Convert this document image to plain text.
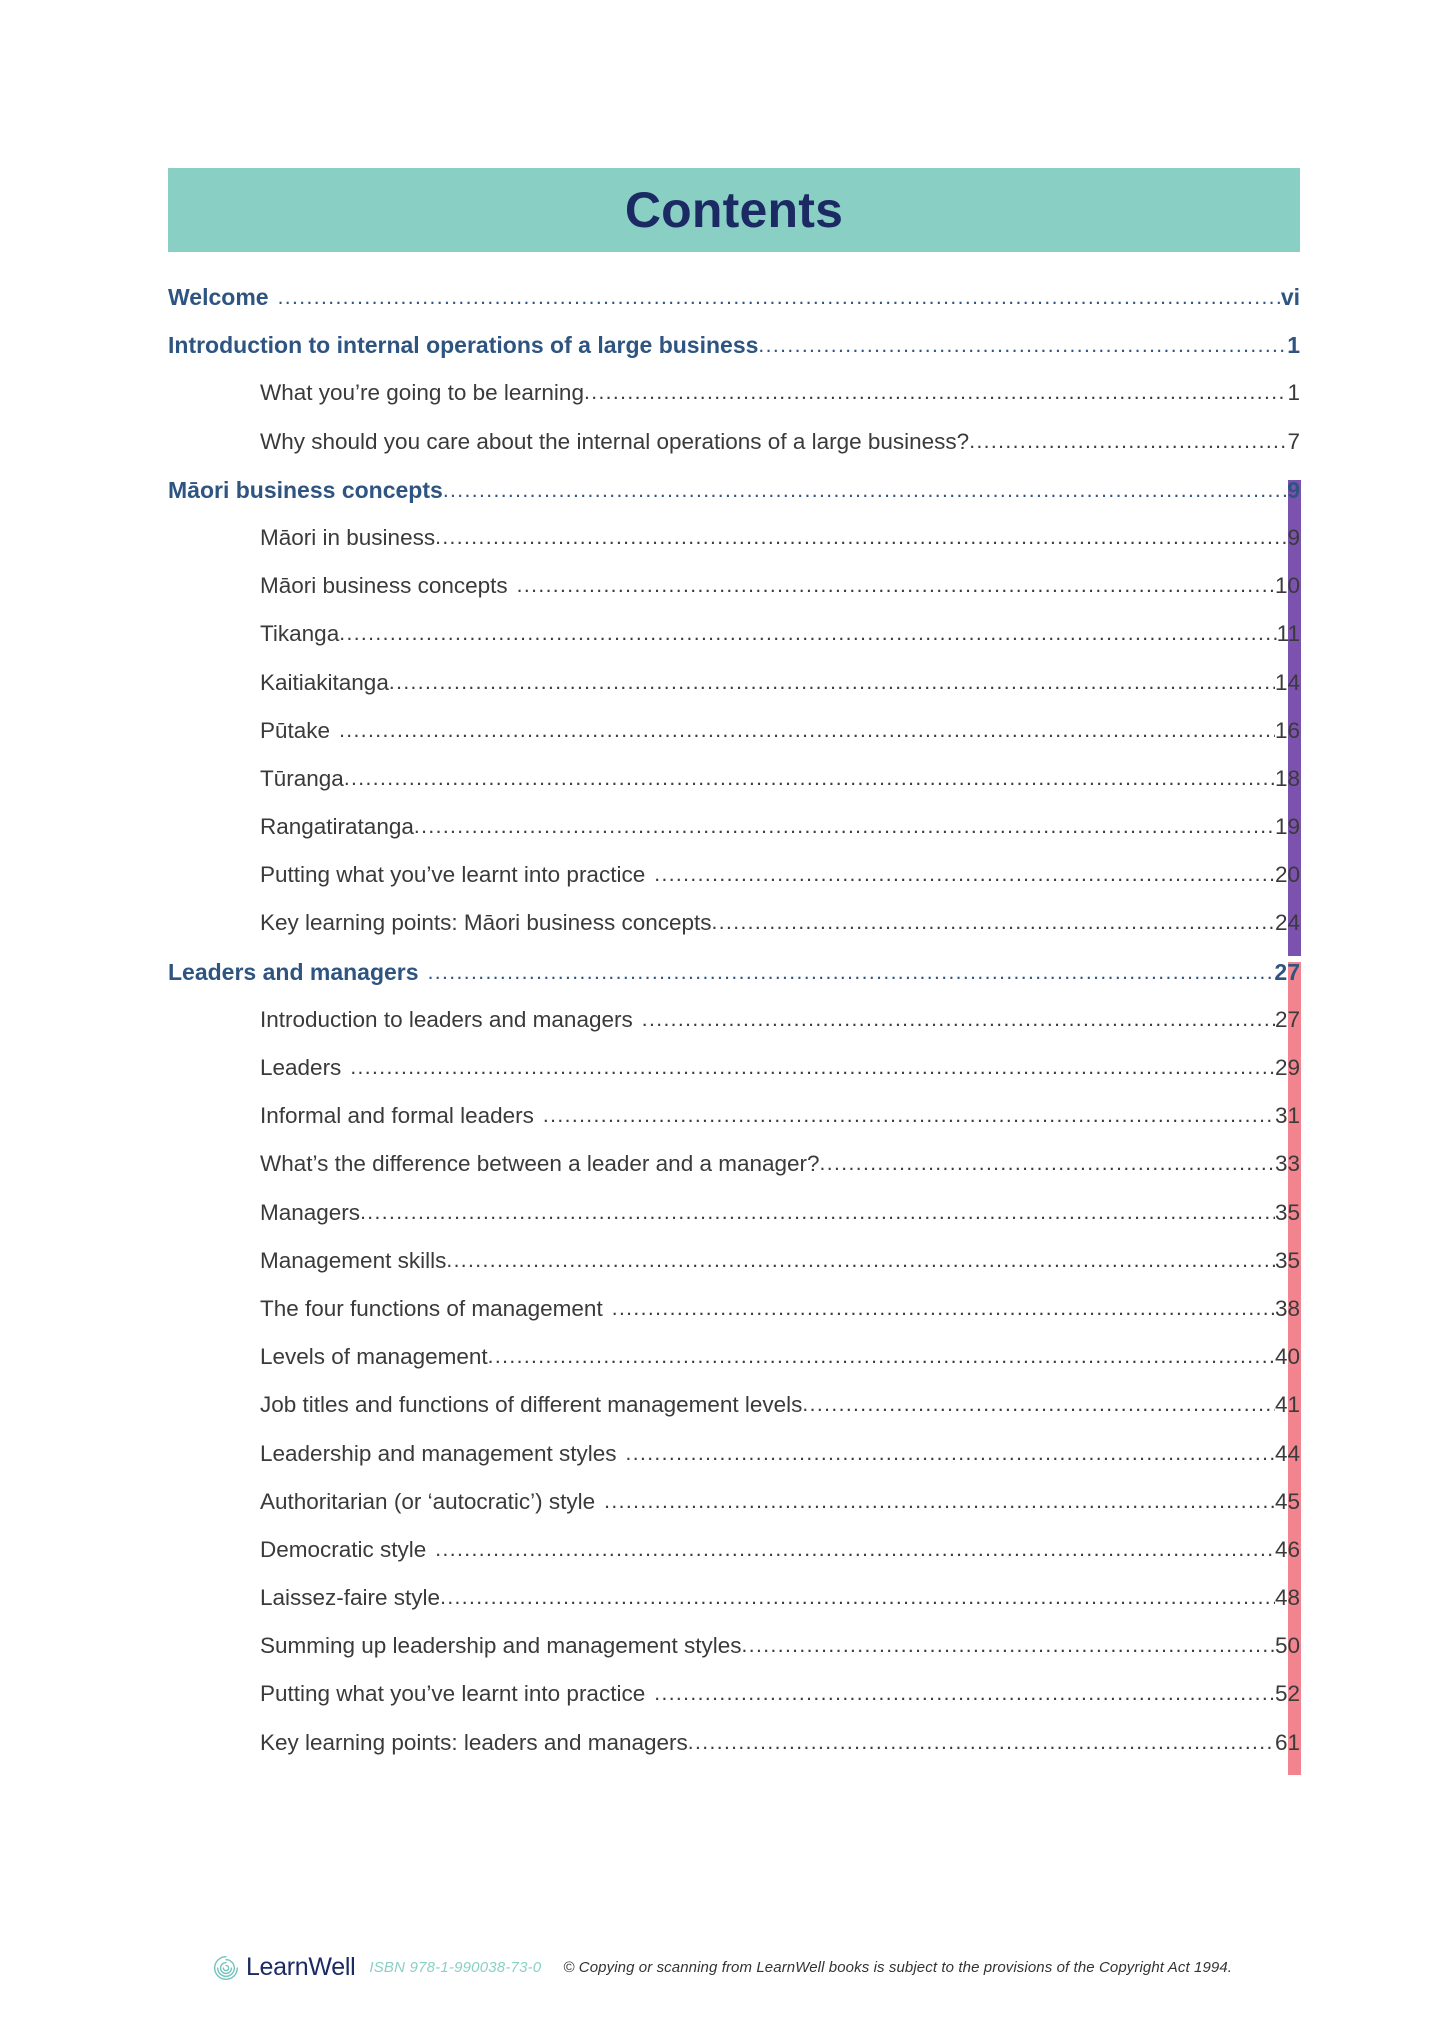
Contents
Welcome .....	vi
Introduction to internal operations of a large business .....	1
What you’re going to be learning .....	1
Why should you care about the internal operations of a large business? .....	7
Māori business concepts .....	9
Māori in business .....	9
Māori business concepts .....	10
Tikanga .....	11
Kaitiakitanga .....	14
Pūtake .....	16
Tūranga .....	18
Rangatiratanga .....	19
Putting what you’ve learnt into practice .....	20
Key learning points: Māori business concepts .....	24
Leaders and managers .....	27
Introduction to leaders and managers .....	27
Leaders .....	29
Informal and formal leaders .....	31
What’s the difference between a leader and a manager? .....	33
Managers .....	35
Management skills .....	35
The four functions of management .....	38
Levels of management .....	40
Job titles and functions of different management levels .....	41
Leadership and management styles .....	44
Authoritarian (or ‘autocratic’) style .....	45
Democratic style .....	46
Laissez-faire style .....	48
Summing up leadership and management styles .....	50
Putting what you’ve learnt into practice .....	52
Key learning points: leaders and managers .....	61
LearnWell ISBN 978-1-990038-73-0 © Copying or scanning from LearnWell books is subject to the provisions of the Copyright Act 1994.
